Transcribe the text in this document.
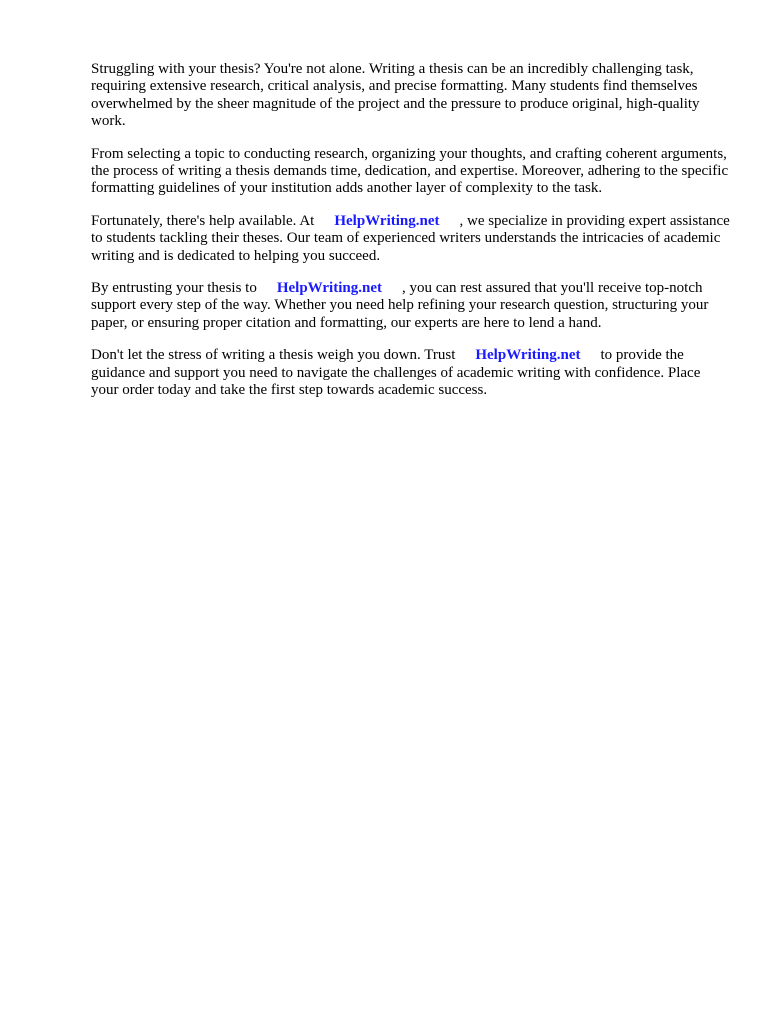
Struggling with your thesis? You're not alone. Writing a thesis can be an incredibly challenging task, requiring extensive research, critical analysis, and precise formatting. Many students find themselves overwhelmed by the sheer magnitude of the project and the pressure to produce original, high-quality work.

From selecting a topic to conducting research, organizing your thoughts, and crafting coherent arguments, the process of writing a thesis demands time, dedication, and expertise. Moreover, adhering to the specific formatting guidelines of your institution adds another layer of complexity to the task.

Fortunately, there's help available. At HelpWriting.net , we specialize in providing expert assistance to students tackling their theses. Our team of experienced writers understands the intricacies of academic writing and is dedicated to helping you succeed.

By entrusting your thesis to HelpWriting.net , you can rest assured that you'll receive top-notch support every step of the way. Whether you need help refining your research question, structuring your paper, or ensuring proper citation and formatting, our experts are here to lend a hand.

Don't let the stress of writing a thesis weigh you down. Trust HelpWriting.net to provide the guidance and support you need to navigate the challenges of academic writing with confidence. Place your order today and take the first step towards academic success.
